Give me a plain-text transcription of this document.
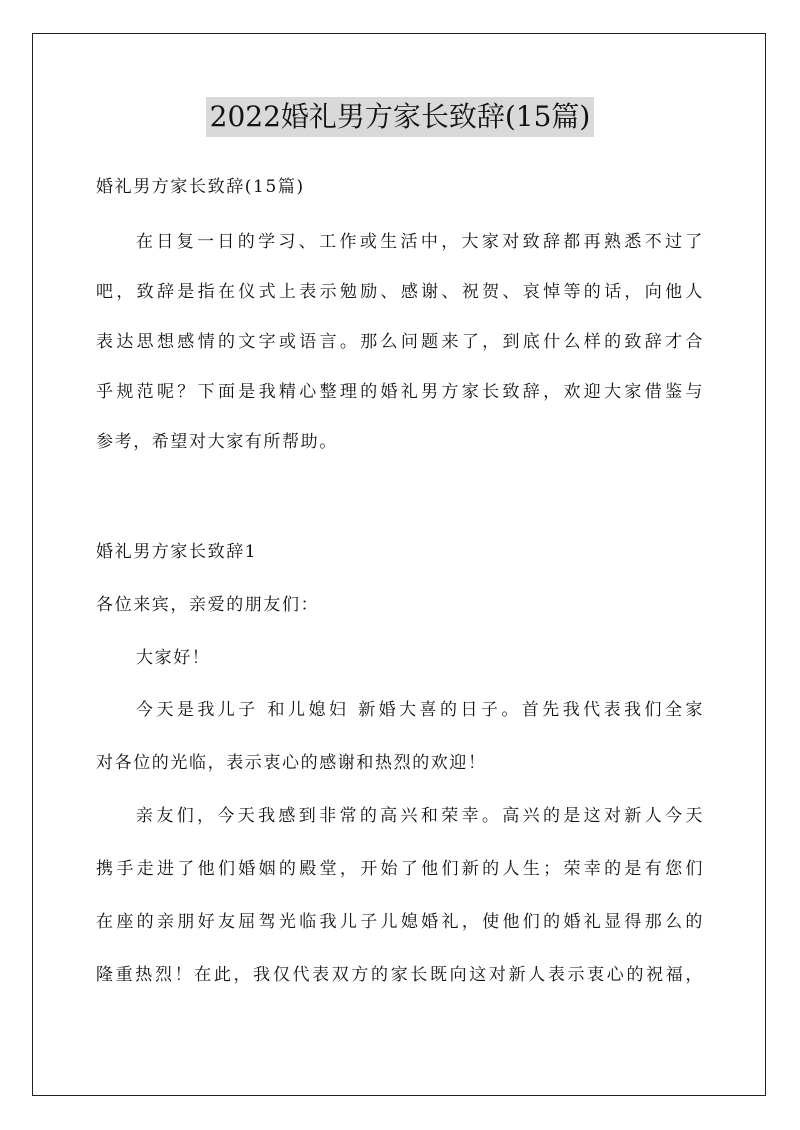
2022婚礼男方家长致辞(15篇)
婚礼男方家长致辞(15篇)
在日复一日的学习、工作或生活中，大家对致辞都再熟悉不过了
吧，致辞是指在仪式上表示勉励、感谢、祝贺、哀悼等的话，向他人
表达思想感情的文字或语言。那么问题来了，到底什么样的致辞才合
乎规范呢？下面是我精心整理的婚礼男方家长致辞，欢迎大家借鉴与
参考，希望对大家有所帮助。
婚礼男方家长致辞1
各位来宾，亲爱的朋友们：
大家好！
今天是我儿子 和儿媳妇 新婚大喜的日子。首先我代表我们全家
对各位的光临，表示衷心的感谢和热烈的欢迎！
亲友们，今天我感到非常的高兴和荣幸。高兴的是这对新人今天
携手走进了他们婚姻的殿堂，开始了他们新的人生；荣幸的是有您们
在座的亲朋好友屈驾光临我儿子儿媳婚礼，使他们的婚礼显得那么的
隆重热烈！在此，我仅代表双方的家长既向这对新人表示衷心的祝福，
